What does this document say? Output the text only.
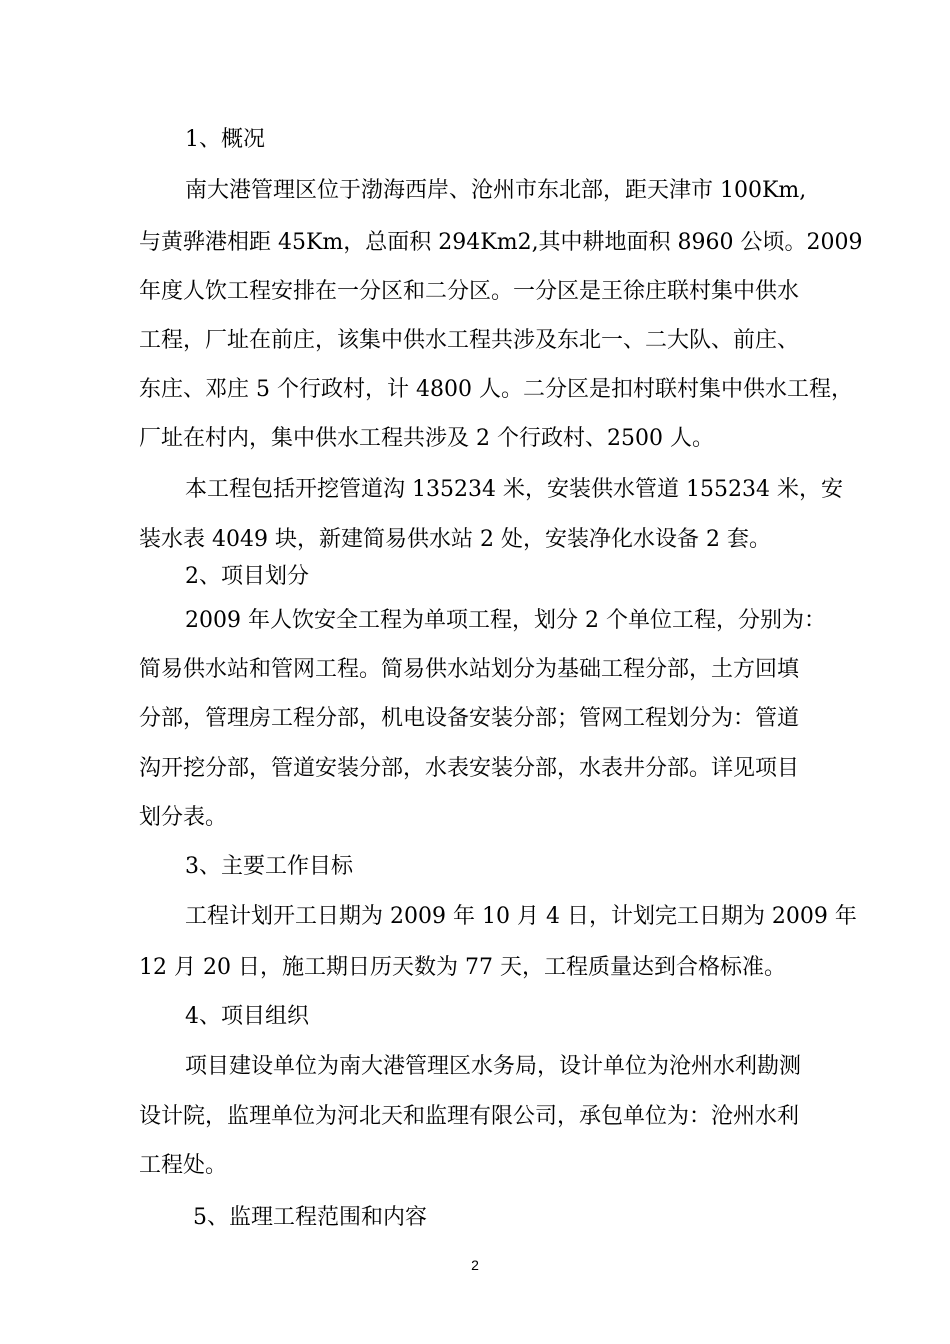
1、概况
南大港管理区位于渤海西岸、沧州市东北部，距天津市 100Km,
与黄骅港相距 45Km，总面积 294Km2,其中耕地面积 8960 公顷。2009
年度人饮工程安排在一分区和二分区。一分区是王徐庄联村集中供水
工程，厂址在前庄，该集中供水工程共涉及东北一、二大队、前庄、
东庄、邓庄 5 个行政村，计 4800 人。二分区是扣村联村集中供水工程，
厂址在村内，集中供水工程共涉及 2 个行政村、2500 人。
本工程包括开挖管道沟 135234 米，安装供水管道 155234 米，安
装水表 4049 块，新建简易供水站 2 处，安装净化水设备 2 套。
2、项目划分
2009 年人饮安全工程为单项工程，划分 2 个单位工程，分别为：
简易供水站和管网工程。简易供水站划分为基础工程分部，土方回填
分部，管理房工程分部，机电设备安装分部；管网工程划分为：管道
沟开挖分部，管道安装分部，水表安装分部，水表井分部。详见项目
划分表。
3、主要工作目标
工程计划开工日期为 2009 年 10 月 4 日，计划完工日期为 2009 年
12 月 20 日，施工期日历天数为 77 天，工程质量达到合格标准。
4、项目组织
项目建设单位为南大港管理区水务局，设计单位为沧州水利勘测
设计院，监理单位为河北天和监理有限公司，承包单位为：沧州水利
工程处。
5、监理工程范围和内容
2
